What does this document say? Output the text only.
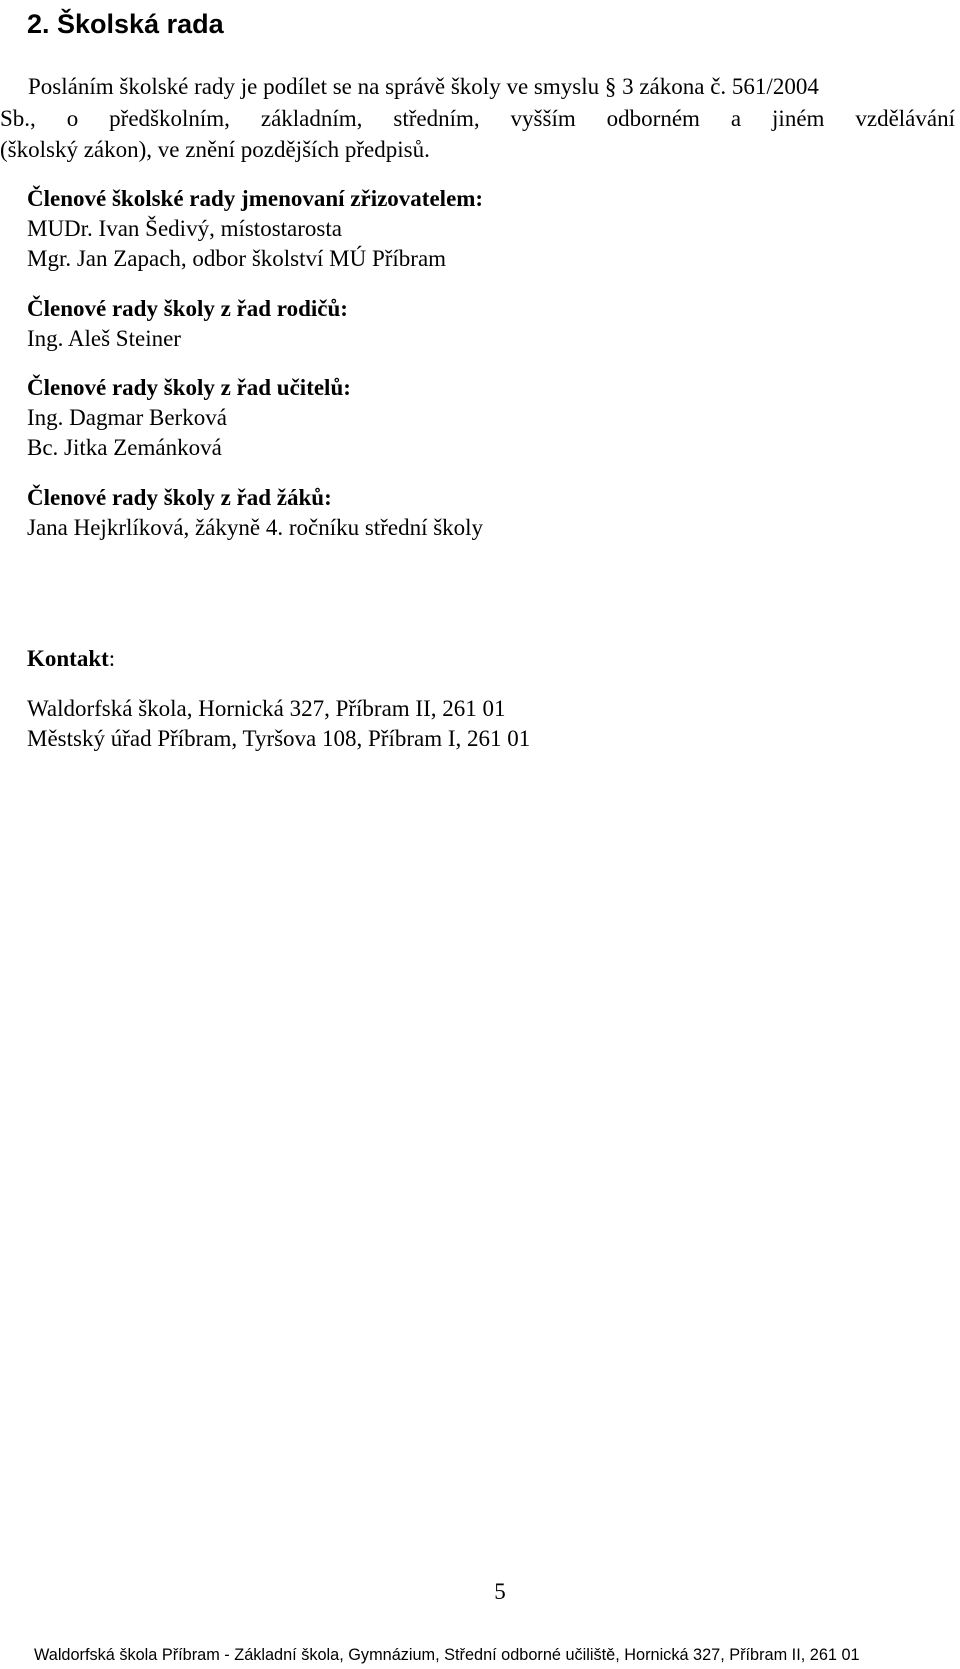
2. Školská rada

Posláním školské rady je podílet se na správě školy ve smyslu § 3 zákona č. 561/2004
Sb., o předškolním, základním, středním, vyšším odborném a jiném vzdělávání
(školský zákon), ve znění pozdějších předpisů.

Členové školské rady jmenovaní zřizovatelem:
MUDr. Ivan Šedivý, místostarosta
Mgr. Jan Zapach, odbor školství MÚ Příbram
Členové rady školy z řad rodičů:
Ing. Aleš Steiner
Členové rady školy z řad učitelů:
Ing. Dagmar Berková
Bc. Jitka Zemánková
Členové rady školy z řad žáků:
Jana Hejkrlíková, žákyně 4. ročníku střední školy
Kontakt:
Waldorfská škola, Hornická 327, Příbram II, 261 01
Městský úřad Příbram, Tyršova 108, Příbram I, 261 01
5
Waldorfská škola Příbram - Základní škola, Gymnázium, Střední odborné učiliště, Hornická 327, Příbram II, 261 01
